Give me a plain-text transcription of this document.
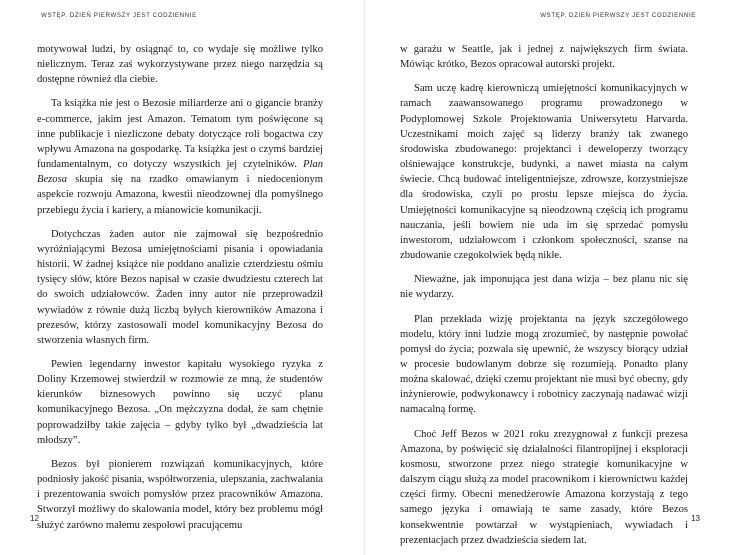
WSTĘP. DZIEŃ PIERWSZY JEST CODZIENNIE

motywował ludzi, by osiągnąć to, co wydaje się możliwe tylko nielicznym. Teraz zaś wykorzystywane przez niego narzędzia są dostępne również dla ciebie.

Ta książka nie jest o Bezosie miliarderze ani o gigancie branży e-commerce, jakim jest Amazon. Tematom tym poświęcone są inne publikacje i niezliczone debaty dotyczące roli bogactwa czy wpływu Amazona na gospodarkę. Ta książka jest o czymś bardziej fundamentalnym, co dotyczy wszystkich jej czytelników. Plan Bezosa skupia się na rzadko omawianym i niedocenionym aspekcie rozwoju Amazona, kwestii nieodzownej dla pomyślnego przebiegu życia i kariery, a mianowicie komunikacji.

Dotychczas żaden autor nie zajmował się bezpośrednio wyróżniającymi Bezosa umiejętnościami pisania i opowiadania historii. W żadnej książce nie poddano analizie czterdziestu ośmiu tysięcy słów, które Bezos napisał w czasie dwudziestu czterech lat do swoich udziałowców. Żaden inny autor nie przeprowadził wywiadów z równie dużą liczbą byłych kierowników Amazona i prezesów, którzy zastosowali model komunikacyjny Bezosa do stworzenia własnych firm.

Pewien legendarny inwestor kapitału wysokiego ryzyka z Doliny Krzemowej stwierdził w rozmowie ze mną, że studentów kierunków biznesowych powinno się uczyć planu komunikacyjnego Bezosa. „On mężczyzna dodał, że sam chętnie poprowadziłby takie zajęcia – gdyby tylko był „dwadzieścia lat młodszy”.

Bezos był pionierem rozwiązań komunikacyjnych, które podniosły jakość pisania, współtworzenia, ulepszania, zachwalania i prezentowania swoich pomysłów przez pracowników Amazona. Stworzył możliwy do skalowania model, który bez problemu mógł służyć zarówno małemu zespołowi pracującemu

12
WSTĘP. DZIEŃ PIERWSZY JEST CODZIENNIE

w garażu w Seattle, jak i jednej z największych firm świata. Mówiąc krótko, Bezos opracował autorski projekt.

Sam uczę kadrę kierowniczą umiejętności komunikacyjnych w ramach zaawansowanego programu prowadzonego w Podyplomowej Szkole Projektowania Uniwersytetu Harvarda. Uczestnikami moich zajęć są liderzy branży tak zwanego środowiska zbudowanego: projektanci i deweloperzy tworzący olśniewające konstrukcje, budynki, a nawet miasta na całym świecie. Chcą budować inteligentniejsze, zdrowsze, korzystniejsze dla środowiska, czyli po prostu lepsze miejsca do życia. Umiejętności komunikacyjne są nieodzowną częścią ich programu nauczania, jeśli bowiem nie uda im się sprzedać pomysłu inwestorom, udziałowcom i członkom społeczności, szanse na zbudowanie czegokolwiek będą nikłe.

Nieważne, jak imponująca jest dana wizja – bez planu nic się nie wydarzy.

Plan przekłada wizję projektanta na język szczegółowego modelu, który inni ludzie mogą zrozumieć, by następnie powołać pomysł do życia; pozwala się upewnić, że wszyscy biorący udział w procesie budowlanym dobrze się rozumieją. Ponadto plany można skalować, dzięki czemu projektant nie musi być obecny, gdy inżynierowie, podwykonawcy i robotnicy zaczynają nadawać wizji namacalną formę.

Choć Jeff Bezos w 2021 roku zrezygnował z funkcji prezesa Amazona, by poświęcić się działalności filantropijnej i eksploracji kosmosu, stworzone przez niego strategie komunikacyjne w dalszym ciągu służą za model pracownikom i kierownictwu każdej części firmy. Obecni menedżerowie Amazona korzystają z tego samego języka i omawiają te same zasady, które Bezos konsekwentnie powtarzał w wystąpieniach, wywiadach i prezentacjach przez dwadzieścia siedem lat.

13
